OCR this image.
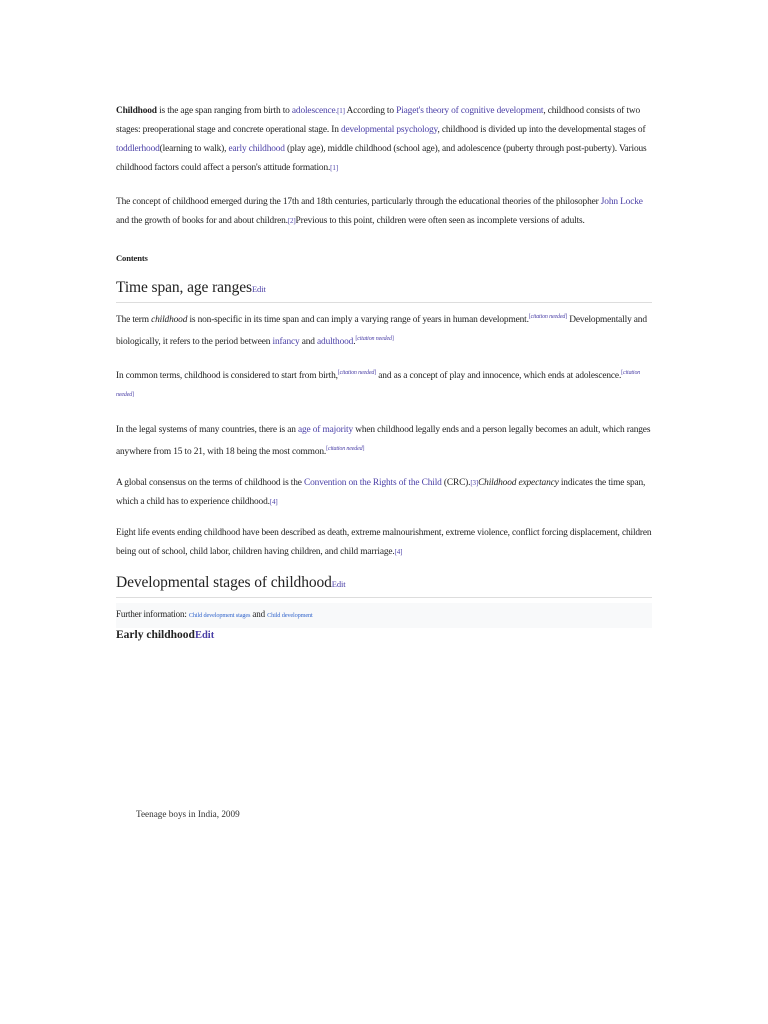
Childhood is the age span ranging from birth to adolescence.[1] According to Piaget's theory of cognitive development, childhood consists of two stages: preoperational stage and concrete operational stage. In developmental psychology, childhood is divided up into the developmental stages of toddlerhood(learning to walk), early childhood (play age), middle childhood (school age), and adolescence (puberty through post-puberty). Various childhood factors could affect a person's attitude formation.[1]

The concept of childhood emerged during the 17th and 18th centuries, particularly through the educational theories of the philosopher John Locke and the growth of books for and about children.[2]Previous to this point, children were often seen as incomplete versions of adults.

Contents

Time span, age rangesEdit

The term childhood is non-specific in its time span and can imply a varying range of years in human development.[citation needed] Developmentally and biologically, it refers to the period between infancy and adulthood.[citation needed]

In common terms, childhood is considered to start from birth,[citation needed] and as a concept of play and innocence, which ends at adolescence.[citation needed]

In the legal systems of many countries, there is an age of majority when childhood legally ends and a person legally becomes an adult, which ranges anywhere from 15 to 21, with 18 being the most common.[citation needed]

A global consensus on the terms of childhood is the Convention on the Rights of the Child (CRC).[3]Childhood expectancy indicates the time span, which a child has to experience childhood.[4]

Eight life events ending childhood have been described as death, extreme malnourishment, extreme violence, conflict forcing displacement, children being out of school, child labor, children having children, and child marriage.[4]

Developmental stages of childhoodEdit

Further information: Child development stages and Child development

Early childhoodEdit
Teenage boys in India, 2009
